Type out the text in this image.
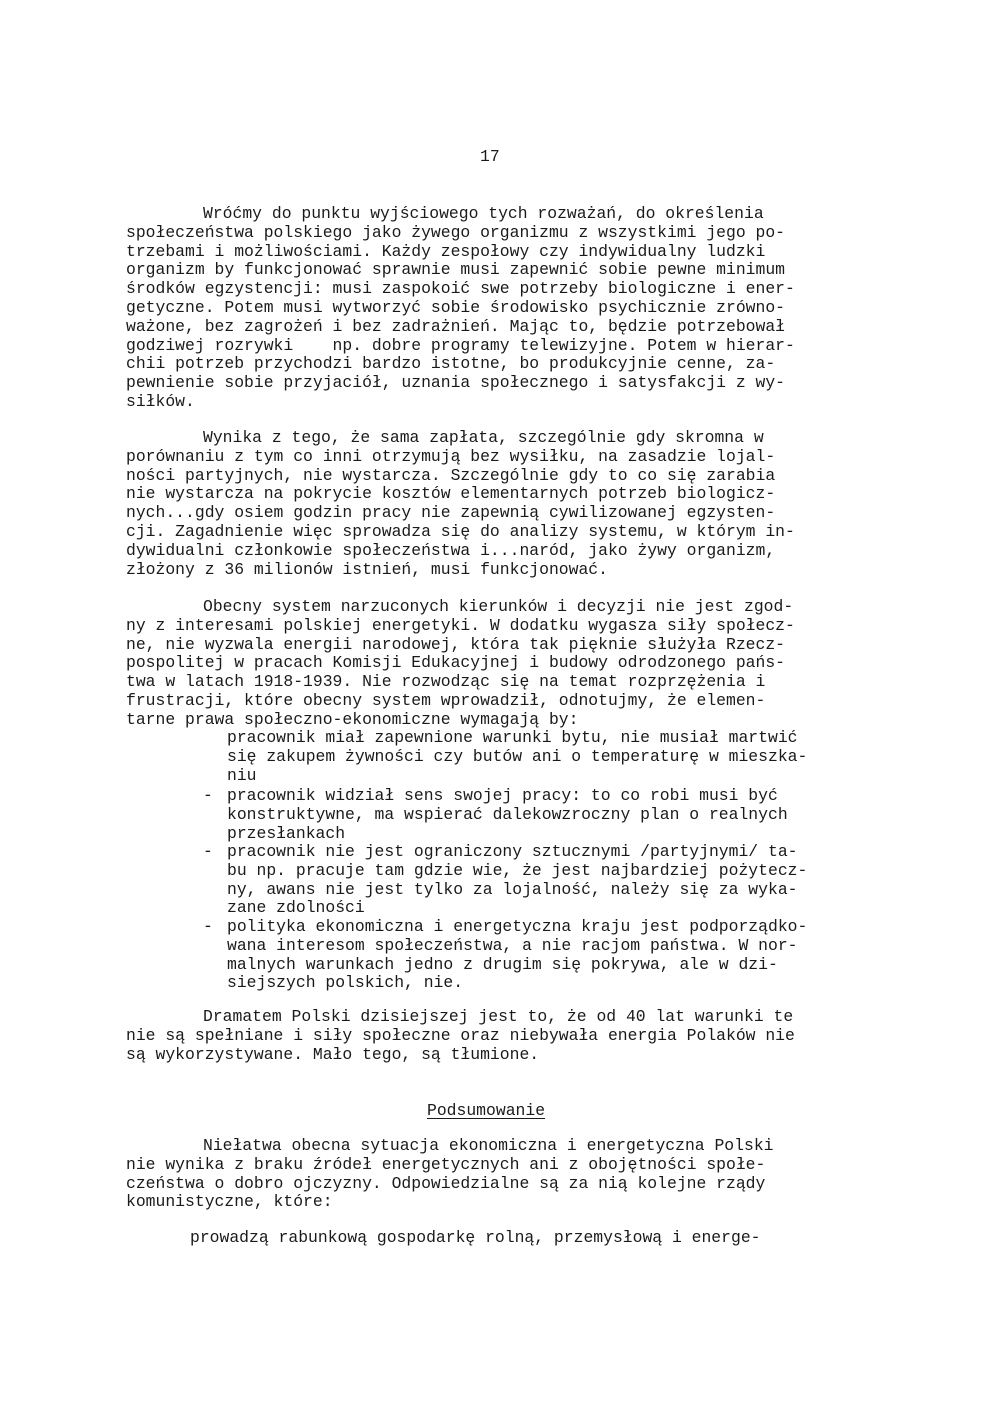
17
Wróćmy do punktu wyjściowego tych rozważań, do określenia
społeczeństwa polskiego jako żywego organizmu z wszystkimi jego po-
trzebami i możliwościami. Każdy zespołowy czy indywidualny ludzki
organizm by funkcjonować sprawnie musi zapewnić sobie pewne minimum
środków egzystencji: musi zaspokoić swe potrzeby biologiczne i ener-
getyczne. Potem musi wytworzyć sobie środowisko psychicznie zrówno-
ważone, bez zagrożeń i bez zadrażnień. Mając to, będzie potrzebował
godziwej rozrywki    np. dobre programy telewizyjne. Potem w hierar-
chii potrzeb przychodzi bardzo istotne, bo produkcyjnie cenne, za-
pewnienie sobie przyjaciół, uznania społecznego i satysfakcji z wy-
siłków.
Wynika z tego, że sama zapłata, szczególnie gdy skromna w
porównaniu z tym co inni otrzymują bez wysiłku, na zasadzie lojal-
ności partyjnych, nie wystarcza. Szczególnie gdy to co się zarabia
nie wystarcza na pokrycie kosztów elementarnych potrzeb biologicz-
nych...gdy osiem godzin pracy nie zapewnią cywilizowanej egzysten-
cji. Zagadnienie więc sprowadza się do analizy systemu, w którym in-
dywidualni członkowie społeczeństwa i...naród, jako żywy organizm,
złożony z 36 milionów istnień, musi funkcjonować.
Obecny system narzuconych kierunków i decyzji nie jest zgod-
ny z interesami polskiej energetyki. W dodatku wygasza siły społecz-
ne, nie wyzwala energii narodowej, która tak pięknie służyła Rzecz-
pospolitej w pracach Komisji Edukacyjnej i budowy odrodzonego pańs-
twa w latach 1918-1939. Nie rozwodząc się na temat rozprzężenia i
frustracji, które obecny system wprowadził, odnotujmy, że elemen-
tarne prawa społeczno-ekonomiczne wymagają by:
pracownik miał zapewnione warunki bytu, nie musiał martwić
się zakupem żywności czy butów ani o temperaturę w mieszka-
niu
- pracownik widział sens swojej pracy: to co robi musi być
konstruktywne, ma wspierać dalekowzroczny plan o realnych
przesłankach
- pracownik nie jest ograniczony sztucznymi /partyjnymi/ ta-
bu np. pracuje tam gdzie wie, że jest najbardziej pożytecz-
ny, awans nie jest tylko za lojalność, należy się za wyka-
zane zdolności
- polityka ekonomiczna i energetyczna kraju jest podporządko-
wana interesom społeczeństwa, a nie racjom państwa. W nor-
malnych warunkach jedno z drugim się pokrywa, ale w dzi-
siejszych polskich, nie.
Dramatem Polski dzisiejszej jest to, że od 40 lat warunki te
nie są spełniane i siły społeczne oraz niebywała energia Polaków nie
są wykorzystywane. Mało tego, są tłumione.
Podsumowanie
Niełatwa obecna sytuacja ekonomiczna i energetyczna Polski
nie wynika z braku źródeł energetycznych ani z obojętności społe-
czeństwa o dobro ojczyzny. Odpowiedzialne są za nią kolejne rządy
komunistyczne, które:
prowadzą rabunkową gospodarkę rolną, przemysłową i energe-
